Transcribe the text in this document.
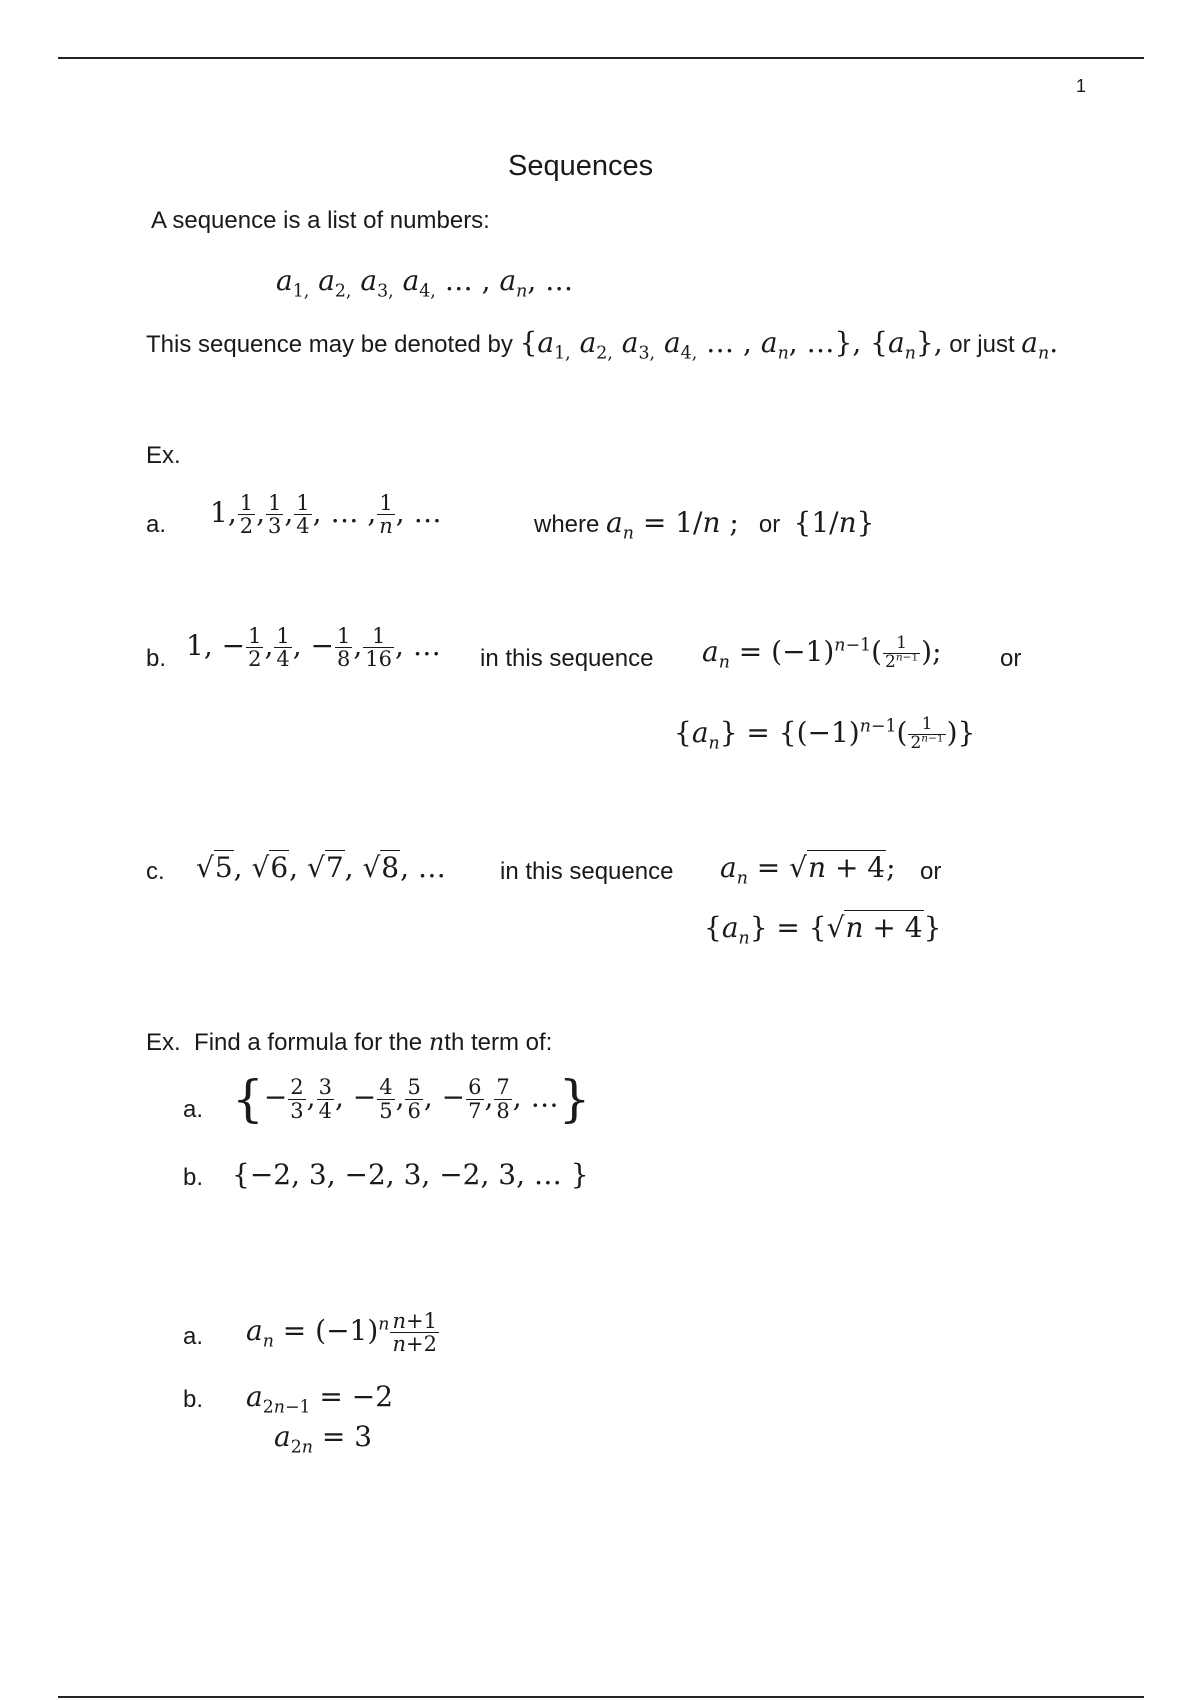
1
Sequences
A sequence is a list of numbers:
$a_{1,}$ $a_{2,}$ $a_{3,}$ $a_{4,}$ … , $a_n$, …
This sequence may be denoted by {$a_{1,}$ $a_{2,}$ $a_{3,}$ $a_{4,}$ … , $a_n$, …}, $\{a_n\}$, or just $a_n$.
Ex.
a. 1, $\frac{1}{2}$ , $\frac{1}{3}$ , $\frac{1}{4}$ , … , $\frac{1}{n}$ , …	where $a_n = 1/n$ ; or {1/n}
b. 1, − $\frac{1}{2}$ , $\frac{1}{4}$ , − $\frac{1}{8}$ , $\frac{1}{16}$ , … in this sequence $a_n = (-1)^{n-1}( \frac{1}{2^{n-1}}$ ); or
$\{a_n\} = \{(-1)^{n-1}( \frac{1}{2^{n-1}}$ )}
c. √5, √6, √7, √8, … in this sequence $a_n = √n + 4$; or
$\{a_n\} = \{√n + 4\}$
Ex. Find a formula for the nth term of:
a. {− $\frac{2}{3}$ , $\frac{3}{4}$ , − $\frac{4}{5}$ , $\frac{5}{6}$ , − $\frac{6}{7}$ , $\frac{7}{8}$ , …}
b. {−2, 3, −2, 3, −2, 3, … }
a. $a_n = (-1)^n \frac{n+1}{n+2}$
b. $a_{2n-1} = -2$
$a_{2n} = 3$
